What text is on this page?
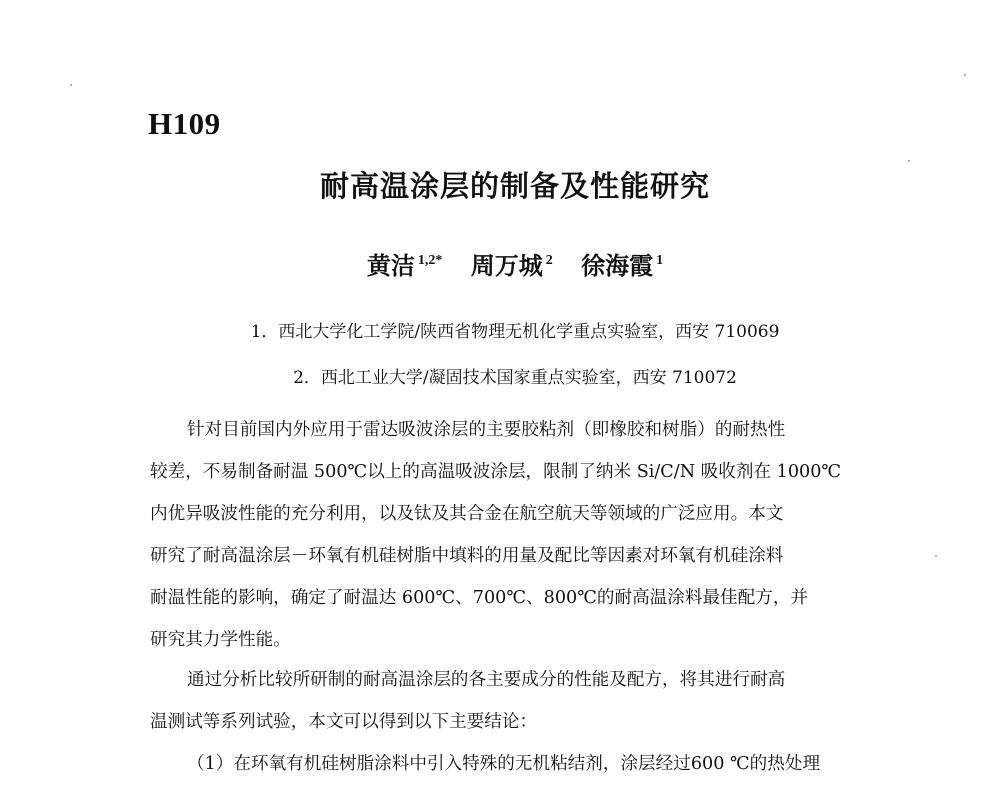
H109
耐高温涂层的制备及性能研究
黄洁 $^{1,2*}$ 周万城 $^2$ 徐海霞 $^1$
1．西北大学化工学院/陕西省物理无机化学重点实验室，西安 710069
2．西北工业大学/凝固技术国家重点实验室，西安 710072
针对目前国内外应用于雷达吸波涂层的主要胶粘剂（即橡胶和树脂）的耐热性
较差，不易制备耐温 500℃以上的高温吸波涂层，限制了纳米 Si/C/N 吸收剂在 1000℃
内优异吸波性能的充分利用，以及钛及其合金在航空航天等领域的广泛应用。本文
研究了耐高温涂层－环氧有机硅树脂中填料的用量及配比等因素对环氧有机硅涂料
耐温性能的影响，确定了耐温达 600℃、700℃、800℃的耐高温涂料最佳配方，并
研究其力学性能。
通过分析比较所研制的耐高温涂层的各主要成分的性能及配方，将其进行耐高
温测试等系列试验，本文可以得到以下主要结论：
（1）在环氧有机硅树脂涂料中引入特殊的无机粘结剂，涂层经过600 ℃的热处理
